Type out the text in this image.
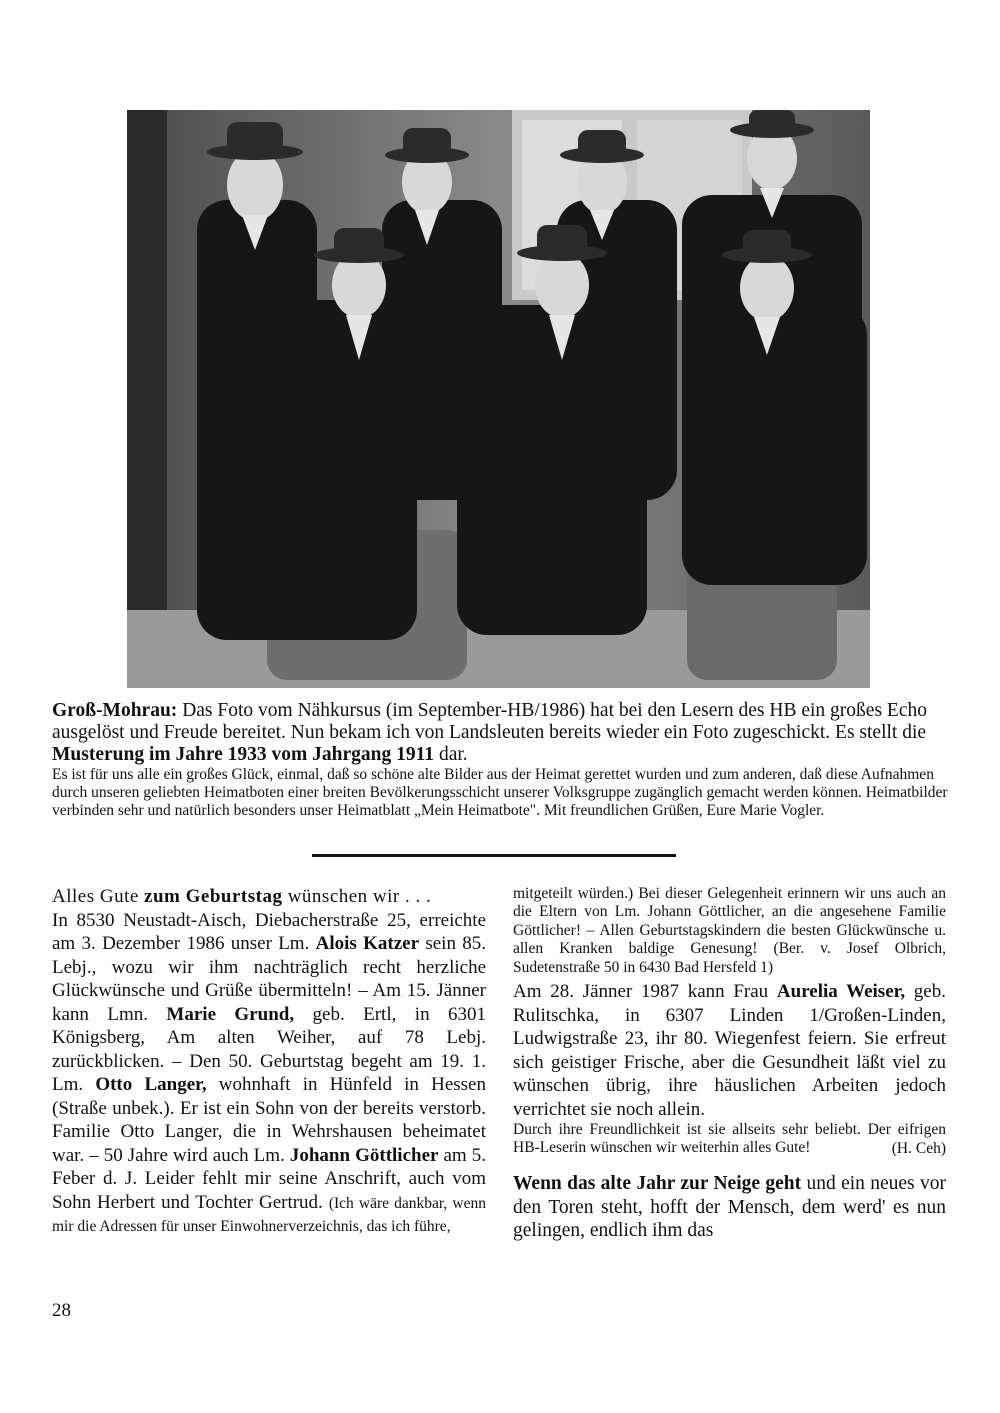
Groß-Mohrau: Das Foto vom Nähkursus (im September-HB/1986) hat bei den Lesern des HB ein großes Echo ausgelöst und Freude bereitet. Nun bekam ich von Landsleuten bereits wieder ein Foto zugeschickt. Es stellt die Musterung im Jahre 1933 vom Jahrgang 1911 dar.
Es ist für uns alle ein großes Glück, einmal, daß so schöne alte Bilder aus der Heimat gerettet wurden und zum anderen, daß diese Aufnahmen durch unseren geliebten Heimatboten einer breiten Bevölkerungsschicht unserer Volksgruppe zugänglich gemacht werden können. Heimatbilder verbinden sehr und natürlich besonders unser Heimatblatt „Mein Heimatbote". Mit freundlichen Grüßen, Eure Marie Vogler.

Alles Gute zum Geburtstag wünschen wir . . .

In 8530 Neustadt-Aisch, Diebacherstraße 25, erreichte am 3. Dezember 1986 unser Lm. Alois Katzer sein 85. Lebj., wozu wir ihm nachträglich recht herzliche Glückwünsche und Grüße übermitteln! – Am 15. Jänner kann Lmn. Marie Grund, geb. Ertl, in 6301 Königsberg, Am alten Weiher, auf 78 Lebj. zurückblicken. – Den 50. Geburtstag begeht am 19. 1. Lm. Otto Langer, wohnhaft in Hünfeld in Hessen (Straße unbek.). Er ist ein Sohn von der bereits verstorb. Familie Otto Langer, die in Wehrshausen beheimatet war. – 50 Jahre wird auch Lm. Johann Göttlicher am 5. Feber d. J. Leider fehlt mir seine Anschrift, auch vom Sohn Herbert und Tochter Gertrud. (Ich wäre dankbar, wenn mir die Adressen für unser Einwohnerverzeichnis, das ich führe,

mitgeteilt würden.) Bei dieser Gelegenheit erinnern wir uns auch an die Eltern von Lm. Johann Göttlicher, an die angesehene Familie Göttlicher! – Allen Geburtstagskindern die besten Glückwünsche u. allen Kranken baldige Genesung! (Ber. v. Josef Olbrich, Sudetenstraße 50 in 6430 Bad Hersfeld 1)

Am 28. Jänner 1987 kann Frau Aurelia Weiser, geb. Rulitschka, in 6307 Linden 1/Großen-Linden, Ludwigstraße 23, ihr 80. Wiegenfest feiern. Sie erfreut sich geistiger Frische, aber die Gesundheit läßt viel zu wünschen übrig, ihre häuslichen Arbeiten jedoch verrichtet sie noch allein.

Durch ihre Freundlichkeit ist sie allseits sehr beliebt. Der eifrigen HB-Leserin wünschen wir weiterhin alles Gute!	(H. Ceh)

Wenn das alte Jahr zur Neige geht und ein neues vor den Toren steht, hofft der Mensch, dem werd' es nun gelingen, endlich ihm das

28
